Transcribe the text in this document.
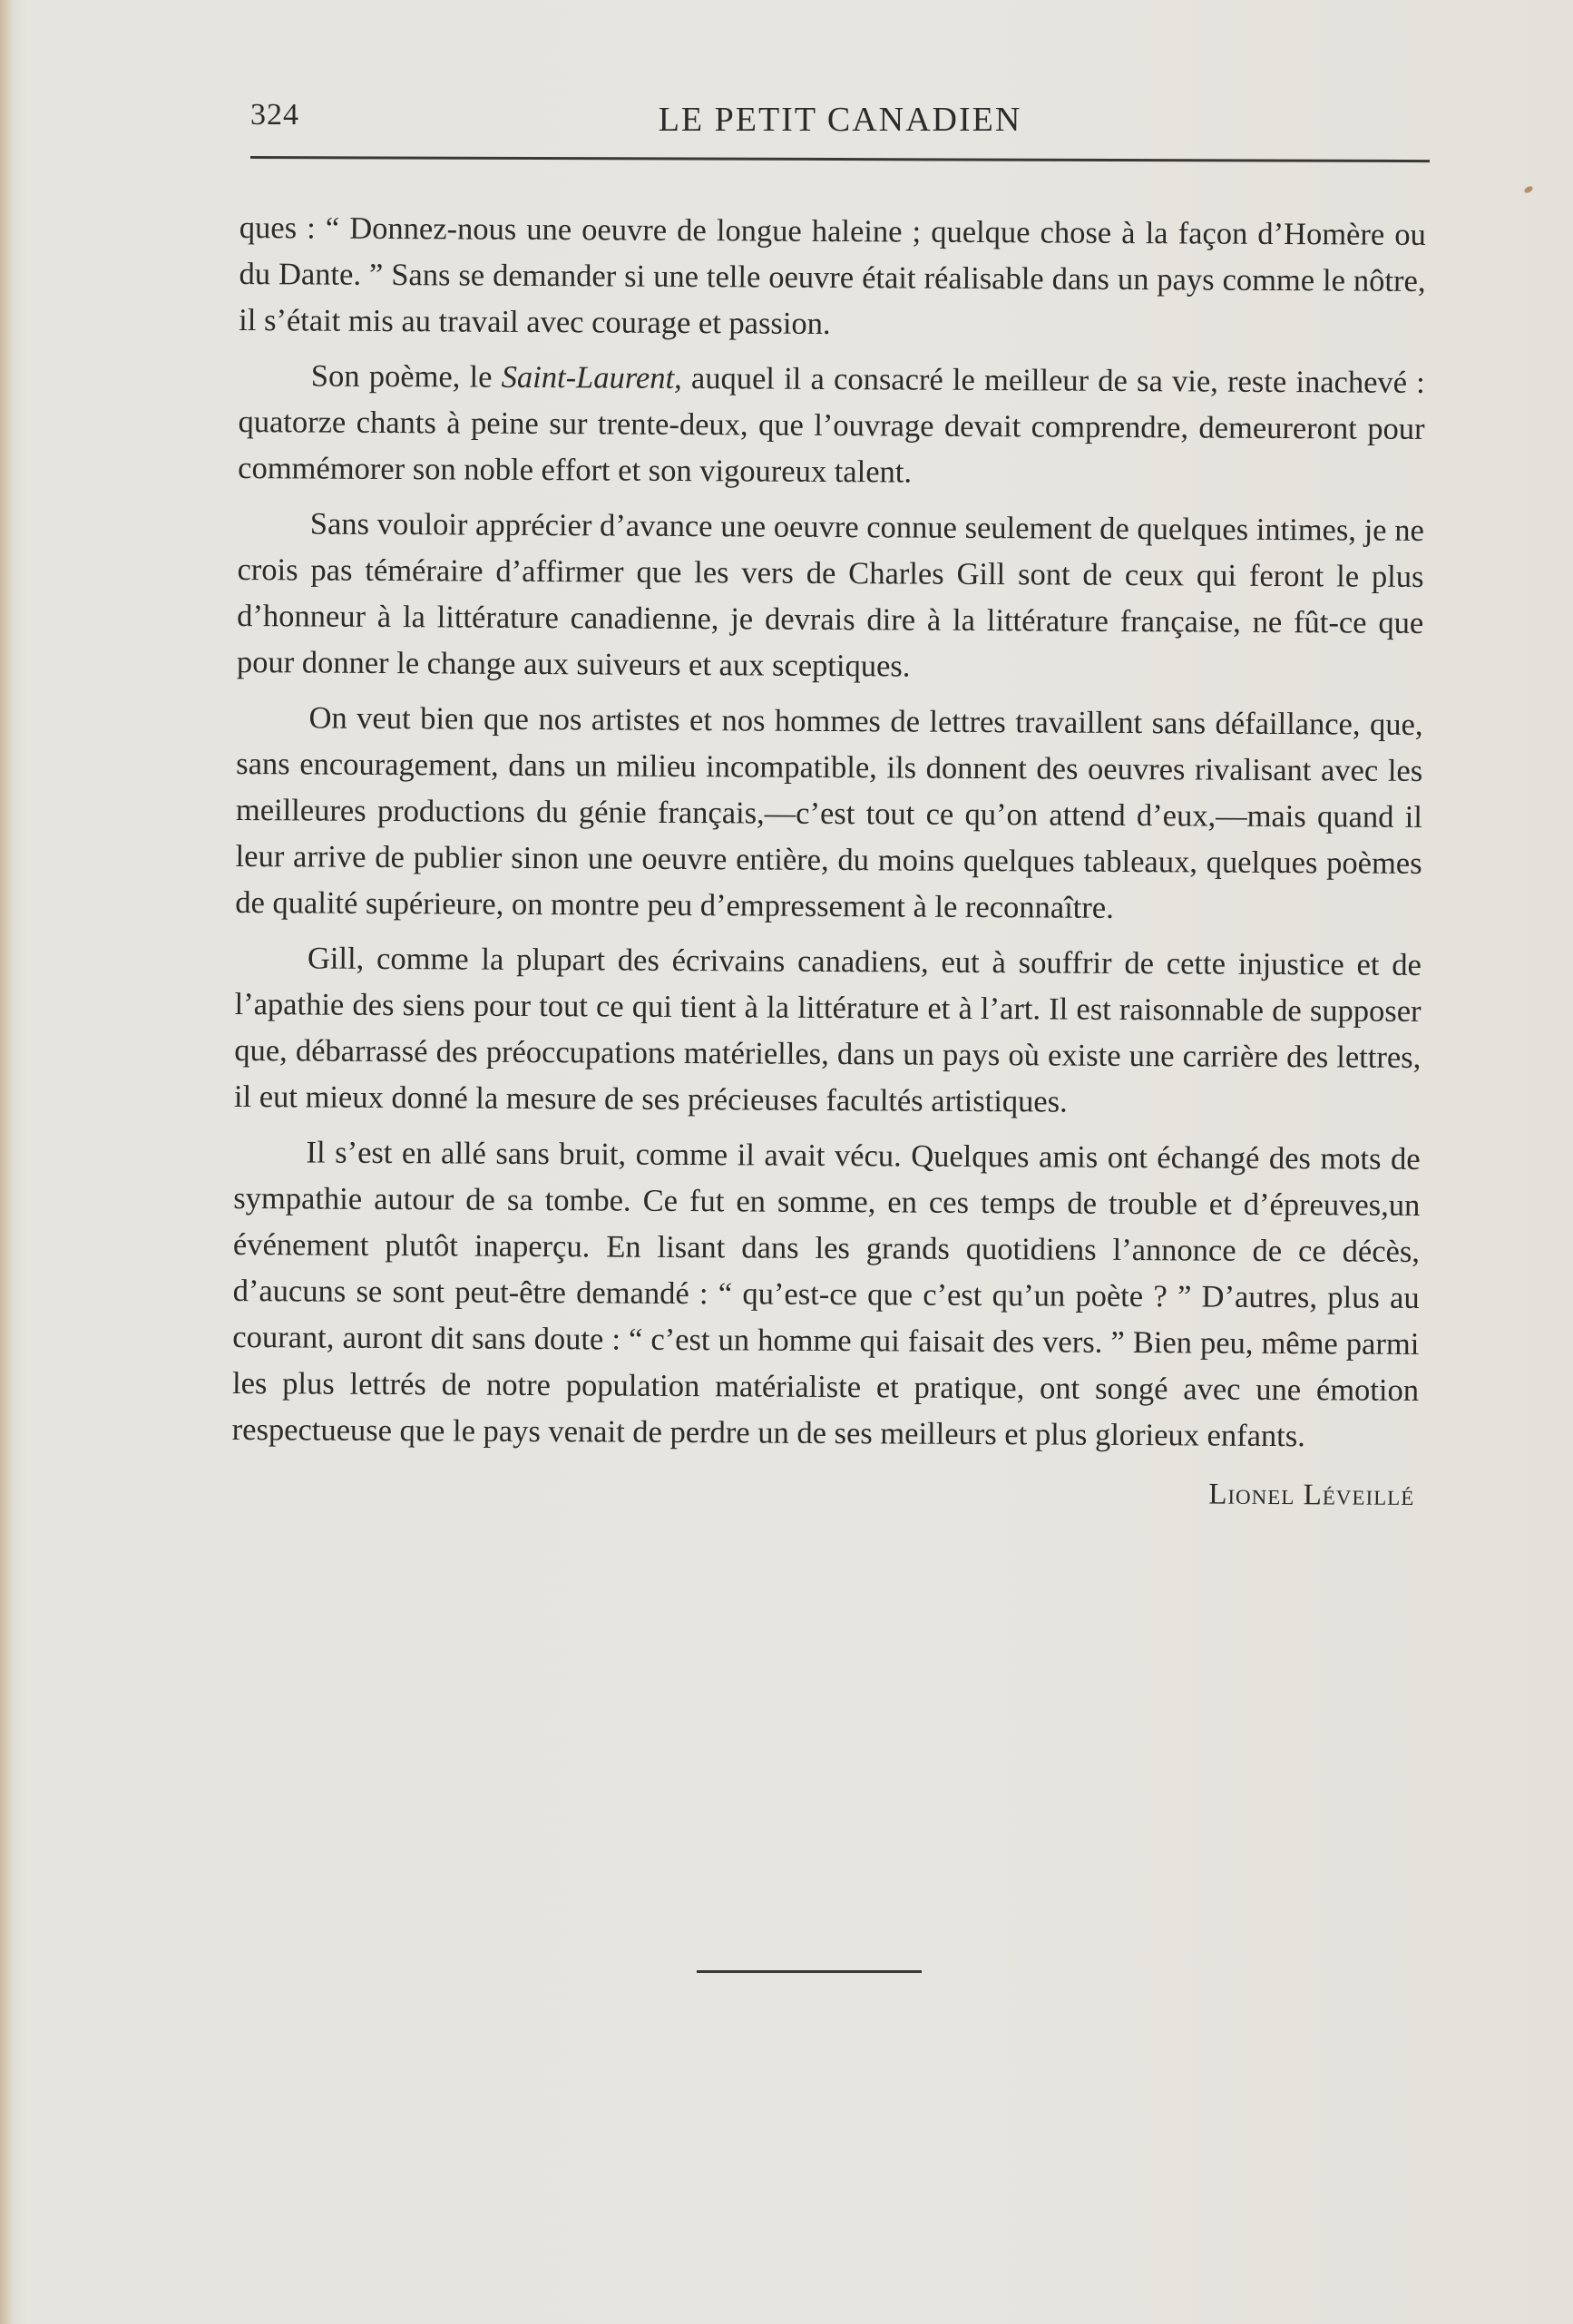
324	LE PETIT CANADIEN

ques : “ Donnez-nous une oeuvre de longue haleine ; quelque chose à la façon d’Homère ou du Dante. ” Sans se demander si une telle oeuvre était réalisable dans un pays comme le nôtre, il s’était mis au travail avec courage et passion.

Son poème, le Saint-Laurent, auquel il a consacré le meilleur de sa vie, reste inachevé : quatorze chants à peine sur trente-deux, que l’ouvrage devait comprendre, demeureront pour commémorer son noble effort et son vigoureux talent.

Sans vouloir apprécier d’avance une oeuvre connue seulement de quelques intimes, je ne crois pas téméraire d’affirmer que les vers de Charles Gill sont de ceux qui feront le plus d’honneur à la littérature canadienne, je devrais dire à la littérature française, ne fût-ce que pour donner le change aux suiveurs et aux sceptiques.

On veut bien que nos artistes et nos hommes de lettres travaillent sans défaillance, que, sans encouragement, dans un milieu incompatible, ils donnent des oeuvres rivalisant avec les meilleures productions du génie français,—c’est tout ce qu’on attend d’eux,—mais quand il leur arrive de publier sinon une oeuvre entière, du moins quelques tableaux, quelques poèmes de qualité supérieure, on montre peu d’empressement à le reconnaître.

Gill, comme la plupart des écrivains canadiens, eut à souffrir de cette injustice et de l’apathie des siens pour tout ce qui tient à la littérature et à l’art. Il est raisonnable de supposer que, débarrassé des préoccupations matérielles, dans un pays où existe une carrière des lettres, il eut mieux donné la mesure de ses précieuses facultés artistiques.

Il s’est en allé sans bruit, comme il avait vécu. Quelques amis ont échangé des mots de sympathie autour de sa tombe. Ce fut en somme, en ces temps de trouble et d’épreuves,un événement plutôt inaperçu. En lisant dans les grands quotidiens l’annonce de ce décès, d’aucuns se sont peut-être demandé : “ qu’est-ce que c’est qu’un poète ? ” D’autres, plus au courant, auront dit sans doute : “ c’est un homme qui faisait des vers. ” Bien peu, même parmi les plus lettrés de notre population matérialiste et pratique, ont songé avec une émotion respectueuse que le pays venait de perdre un de ses meilleurs et plus glorieux enfants.

Lionel Léveillé
